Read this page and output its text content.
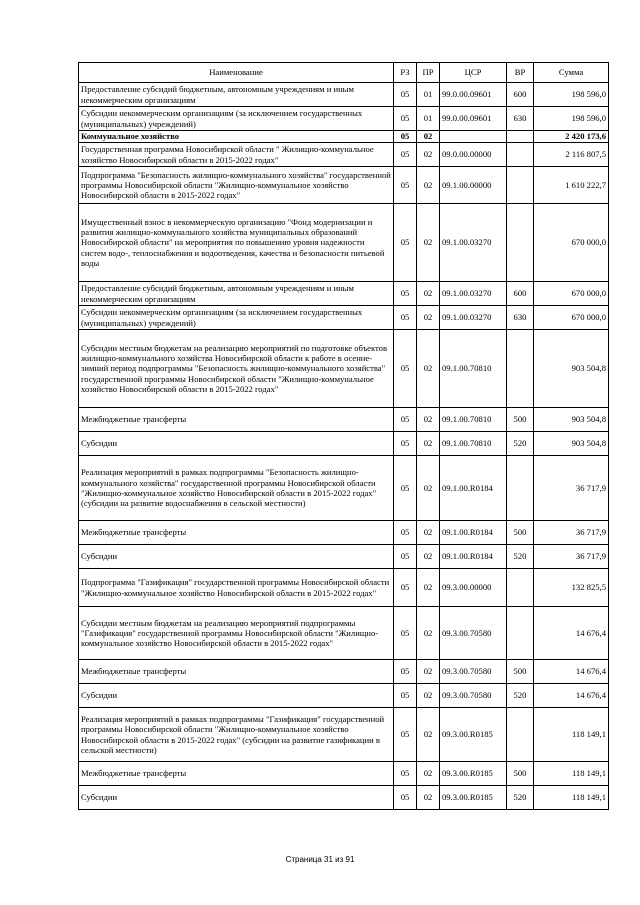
Наименование	РЗ	ПР	ЦСР	ВР	Сумма
Предоставление субсидий бюджетным, автономным учреждениям и иным некоммерческим организациям	05	01	99.0.00.09601	600	198 596,0
Субсидии некоммерческим организациям (за исключением государственных (муниципальных) учреждений)	05	01	99.0.00.09601	630	198 596,0
Коммунальное хозяйство	05	02			2 420 173,6
Государственная программа Новосибирской области " Жилищно-коммунальное хозяйство Новосибирской области в 2015-2022 годах"	05	02	09.0.00.00000		2 116 807,5
Подпрограмма "Безопасность жилищно-коммунального хозяйства" государственной программы Новосибирской области "Жилищно-коммунальное хозяйство Новосибирской области в 2015-2022 годах"	05	02	09.1.00.00000		1 610 222,7
Имущественный взнос в некоммерческую организацию "Фонд модернизации и развития жилищно-коммунального хозяйства муниципальных образований Новосибирской области" на мероприятия по повышению уровня надежности систем водо-, теплоснабжения и водоотведения, качества и безопасности питьевой воды	05	02	09.1.00.03270		670 000,0
Предоставление субсидий бюджетным, автономным учреждениям и иным некоммерческим организациям	05	02	09.1.00.03270	600	670 000,0
Субсидии некоммерческим организациям (за исключением государственных (муниципальных) учреждений)	05	02	09.1.00.03270	630	670 000,0
Субсидии местным бюджетам на реализацию мероприятий по подготовке объектов жилищно-коммунального хозяйства Новосибирской области к работе в осенне-зимний период подпрограммы "Безопасность жилищно-коммунального хозяйства" государственной программы Новосибирской области "Жилищно-коммунальное хозяйство Новосибирской области в 2015-2022 годах"	05	02	09.1.00.70810		903 504,8
Межбюджетные трансферты	05	02	09.1.00.70810	500	903 504,8
Субсидии	05	02	09.1.00.70810	520	903 504,8
Реализация мероприятий в рамках подпрограммы "Безопасность жилищно-коммунального хозяйства" государственной программы Новосибирской области "Жилищно-коммунальное хозяйство Новосибирской области в 2015-2022 годах" (субсидии на развитие водоснабжения в сельской местности)	05	02	09.1.00.R0184		36 717,9
Межбюджетные трансферты	05	02	09.1.00.R0184	500	36 717,9
Субсидии	05	02	09.1.00.R0184	520	36 717,9
Подпрограмма "Газификация" государственной программы Новосибирской области "Жилищно-коммунальное хозяйство Новосибирской области в 2015-2022 годах"	05	02	09.3.00.00000		132 825,5
Субсидии местным бюджетам на реализацию мероприятий подпрограммы "Газификация" государственной программы Новосибирской области "Жилищно-коммунальное хозяйство Новосибирской области в 2015-2022 годах"	05	02	09.3.00.70580		14 676,4
Межбюджетные трансферты	05	02	09.3.00.70580	500	14 676,4
Субсидии	05	02	09.3.00.70580	520	14 676,4
Реализация мероприятий в рамках подпрограммы "Газификация" государственной программы Новосибирской области "Жилищно-коммунальное хозяйство Новосибирской области в 2015-2022 годах" (субсидии на развитие газификации в сельской местности)	05	02	09.3.00.R0185		118 149,1
Межбюджетные трансферты	05	02	09.3.00.R0185	500	118 149,1
Субсидии	05	02	09.3.00.R0185	520	118 149,1
Страница 31 из 91
